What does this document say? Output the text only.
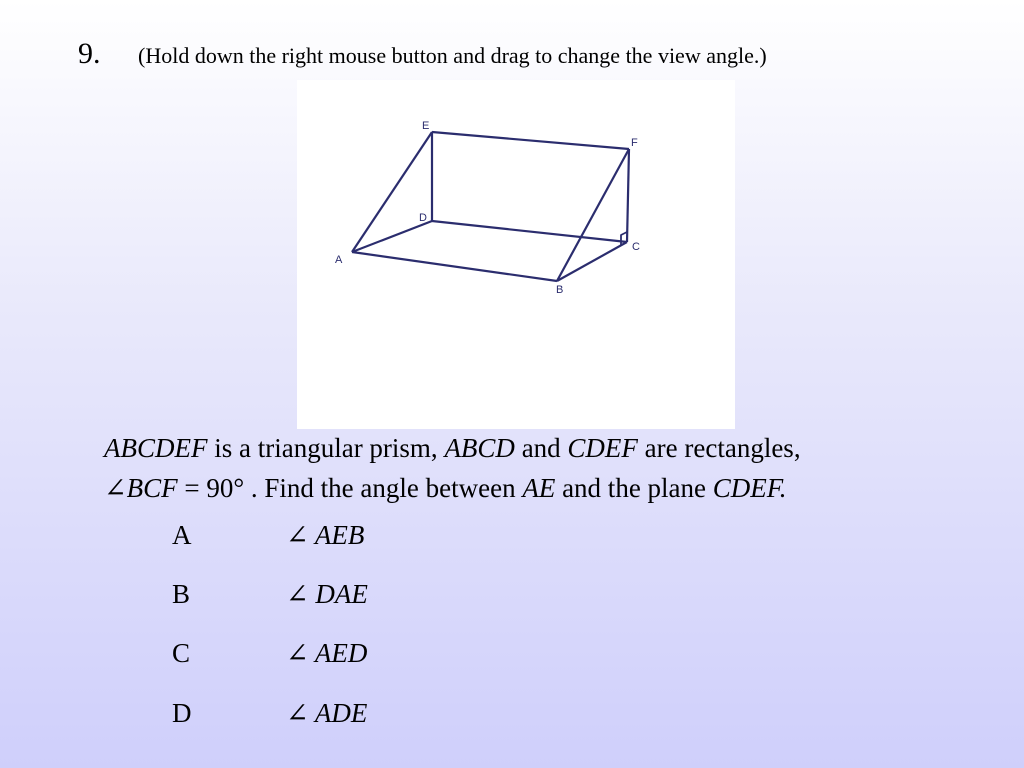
9. (Hold down the right mouse button and drag to change the view angle.)
E
F
D
C
A
B
ABCDEF is a triangular prism, ABCD and CDEF are rectangles,
∠BCF = 90° . Find the angle between AE and the plane CDEF.
A	∠ AEB
B	∠ DAE
C	∠ AED
D	∠ ADE
